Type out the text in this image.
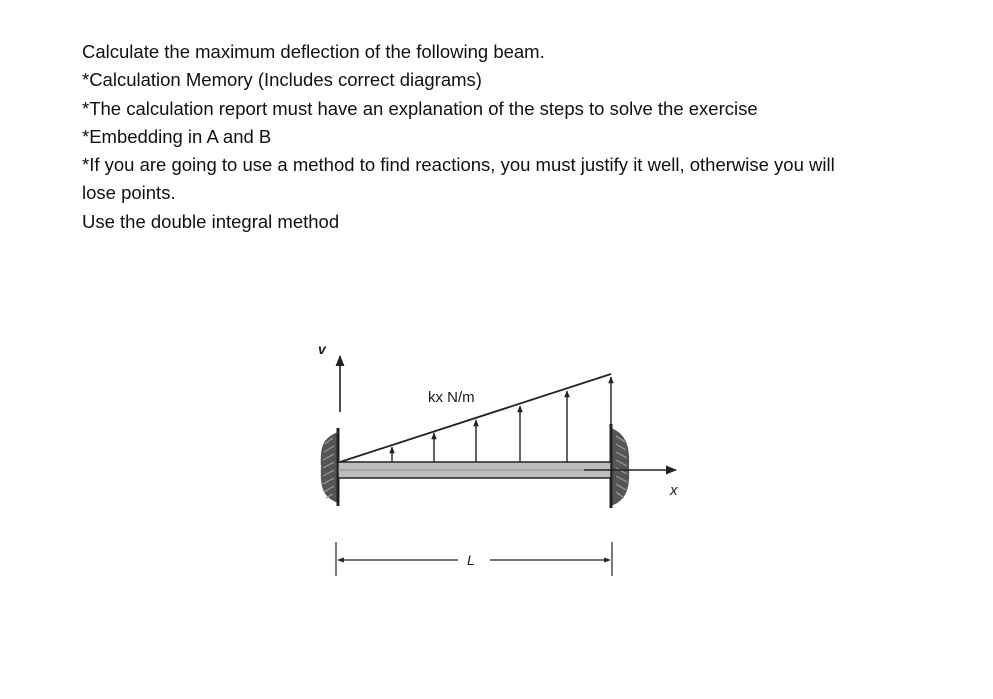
Calculate the maximum deflection of the following beam.

*Calculation Memory (Includes correct diagrams)

*The calculation report must have an explanation of the steps to solve the exercise

*Embedding in A and B

*If you are going to use a method to find reactions, you must justify it well, otherwise you will

lose points.

Use the double integral method

v
x
kx N/m
L
